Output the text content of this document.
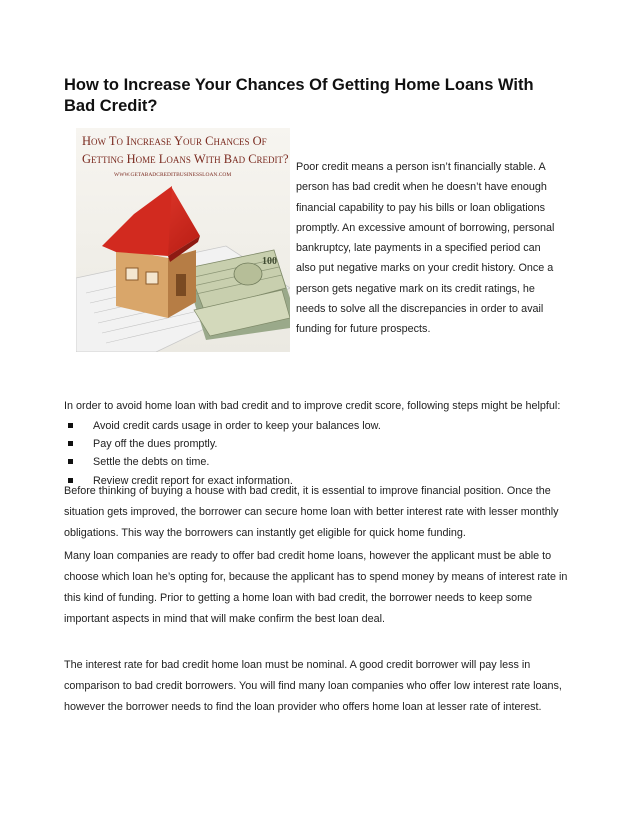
How to Increase Your Chances Of Getting Home Loans With Bad Credit?
How To Increase Your Chances Of
Getting Home Loans With Bad Credit?
WWW.GETABADCREDITBUSINESSLOAN.COM
100

Poor credit means a person isn’t financially stable. A person has bad credit when he doesn’t have enough financial capability to pay his bills or loan obligations promptly. An excessive amount of borrowing, personal bankruptcy, late payments in a specified period can also put negative marks on your credit history. Once a person gets negative mark on its credit ratings, he needs to solve all the discrepancies in order to avail funding for future prospects.

In order to avoid home loan with bad credit and to improve credit score, following steps might be helpful:

Avoid credit cards usage in order to keep your balances low.
Pay off the dues promptly.
Settle the debts on time.
Review credit report for exact information.

Before thinking of buying a house with bad credit, it is essential to improve financial position. Once the situation gets improved, the borrower can secure home loan with better interest rate with lesser monthly obligations. This way the borrowers can instantly get eligible for quick home funding.

Many loan companies are ready to offer bad credit home loans, however the applicant must be able to choose which loan he’s opting for, because the applicant has to spend money by means of interest rate in this kind of funding. Prior to getting a home loan with bad credit, the borrower needs to keep some important aspects in mind that will make confirm the best loan deal.

The interest rate for bad credit home loan must be nominal. A good credit borrower will pay less in comparison to bad credit borrowers. You will find many loan companies who offer low interest rate loans, however the borrower needs to find the loan provider who offers home loan at lesser rate of interest.
